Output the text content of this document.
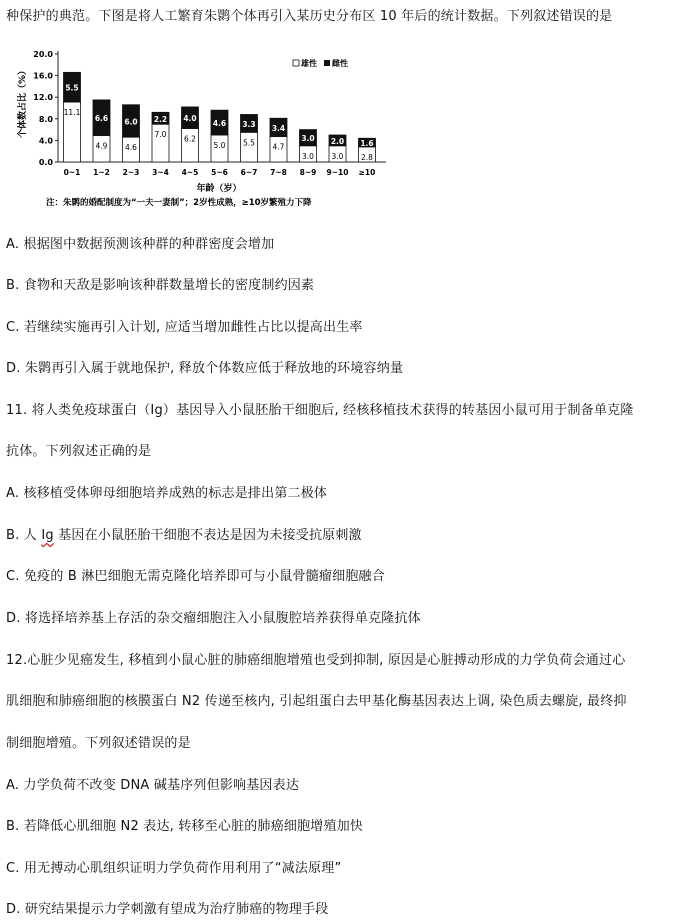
种保护的典范。下图是将人工繁育朱鹮个体再引入某历史分布区 10 年后的统计数据。下列叙述错误的是
个体数占比（%）
0.0
4.0
8.0
12.0
16.0
20.0
11.1
5.5
4.9
6.6
4.6
6.0
7.0
2.2
6.2
4.0
5.0
4.6
5.5
3.3
4.7
3.4
3.0
3.0
3.0
2.0
2.8
1.6
0~1 1~2 2~3 3~4 4~5 5~6 6~7 7~8 8~9 9~10 ≥10
雄性 雌性
年龄（岁）
注：朱鹮的婚配制度为“一夫一妻制”；2岁性成熟，≥10岁繁殖力下降
A. 根据图中数据预测该种群的种群密度会增加
B. 食物和天敌是影响该种群数量增长的密度制约因素
C. 若继续实施再引入计划, 应适当增加雌性占比以提高出生率
D. 朱鹮再引入属于就地保护, 释放个体数应低于释放地的环境容纳量
11. 将人类免疫球蛋白（Ig）基因导入小鼠胚胎干细胞后, 经核移植技术获得的转基因小鼠可用于制备单克隆
抗体。下列叙述正确的是
A. 核移植受体卵母细胞培养成熟的标志是排出第二极体
B. 人 Ig 基因在小鼠胚胎干细胞不表达是因为未接受抗原刺激
C. 免疫的 B 淋巴细胞无需克隆化培养即可与小鼠骨髓瘤细胞融合
D. 将选择培养基上存活的杂交瘤细胞注入小鼠腹腔培养获得单克隆抗体
12.心脏少见癌发生, 移植到小鼠心脏的肺癌细胞增殖也受到抑制, 原因是心脏搏动形成的力学负荷会通过心
肌细胞和肺癌细胞的核膜蛋白 N2 传递至核内, 引起组蛋白去甲基化酶基因表达上调, 染色质去螺旋, 最终抑
制细胞增殖。下列叙述错误的是
A. 力学负荷不改变 DNA 碱基序列但影响基因表达
B. 若降低心肌细胞 N2 表达, 转移至心脏的肺癌细胞增殖加快
C. 用无搏动心肌组织证明力学负荷作用利用了“减法原理”
D. 研究结果提示力学刺激有望成为治疗肺癌的物理手段
